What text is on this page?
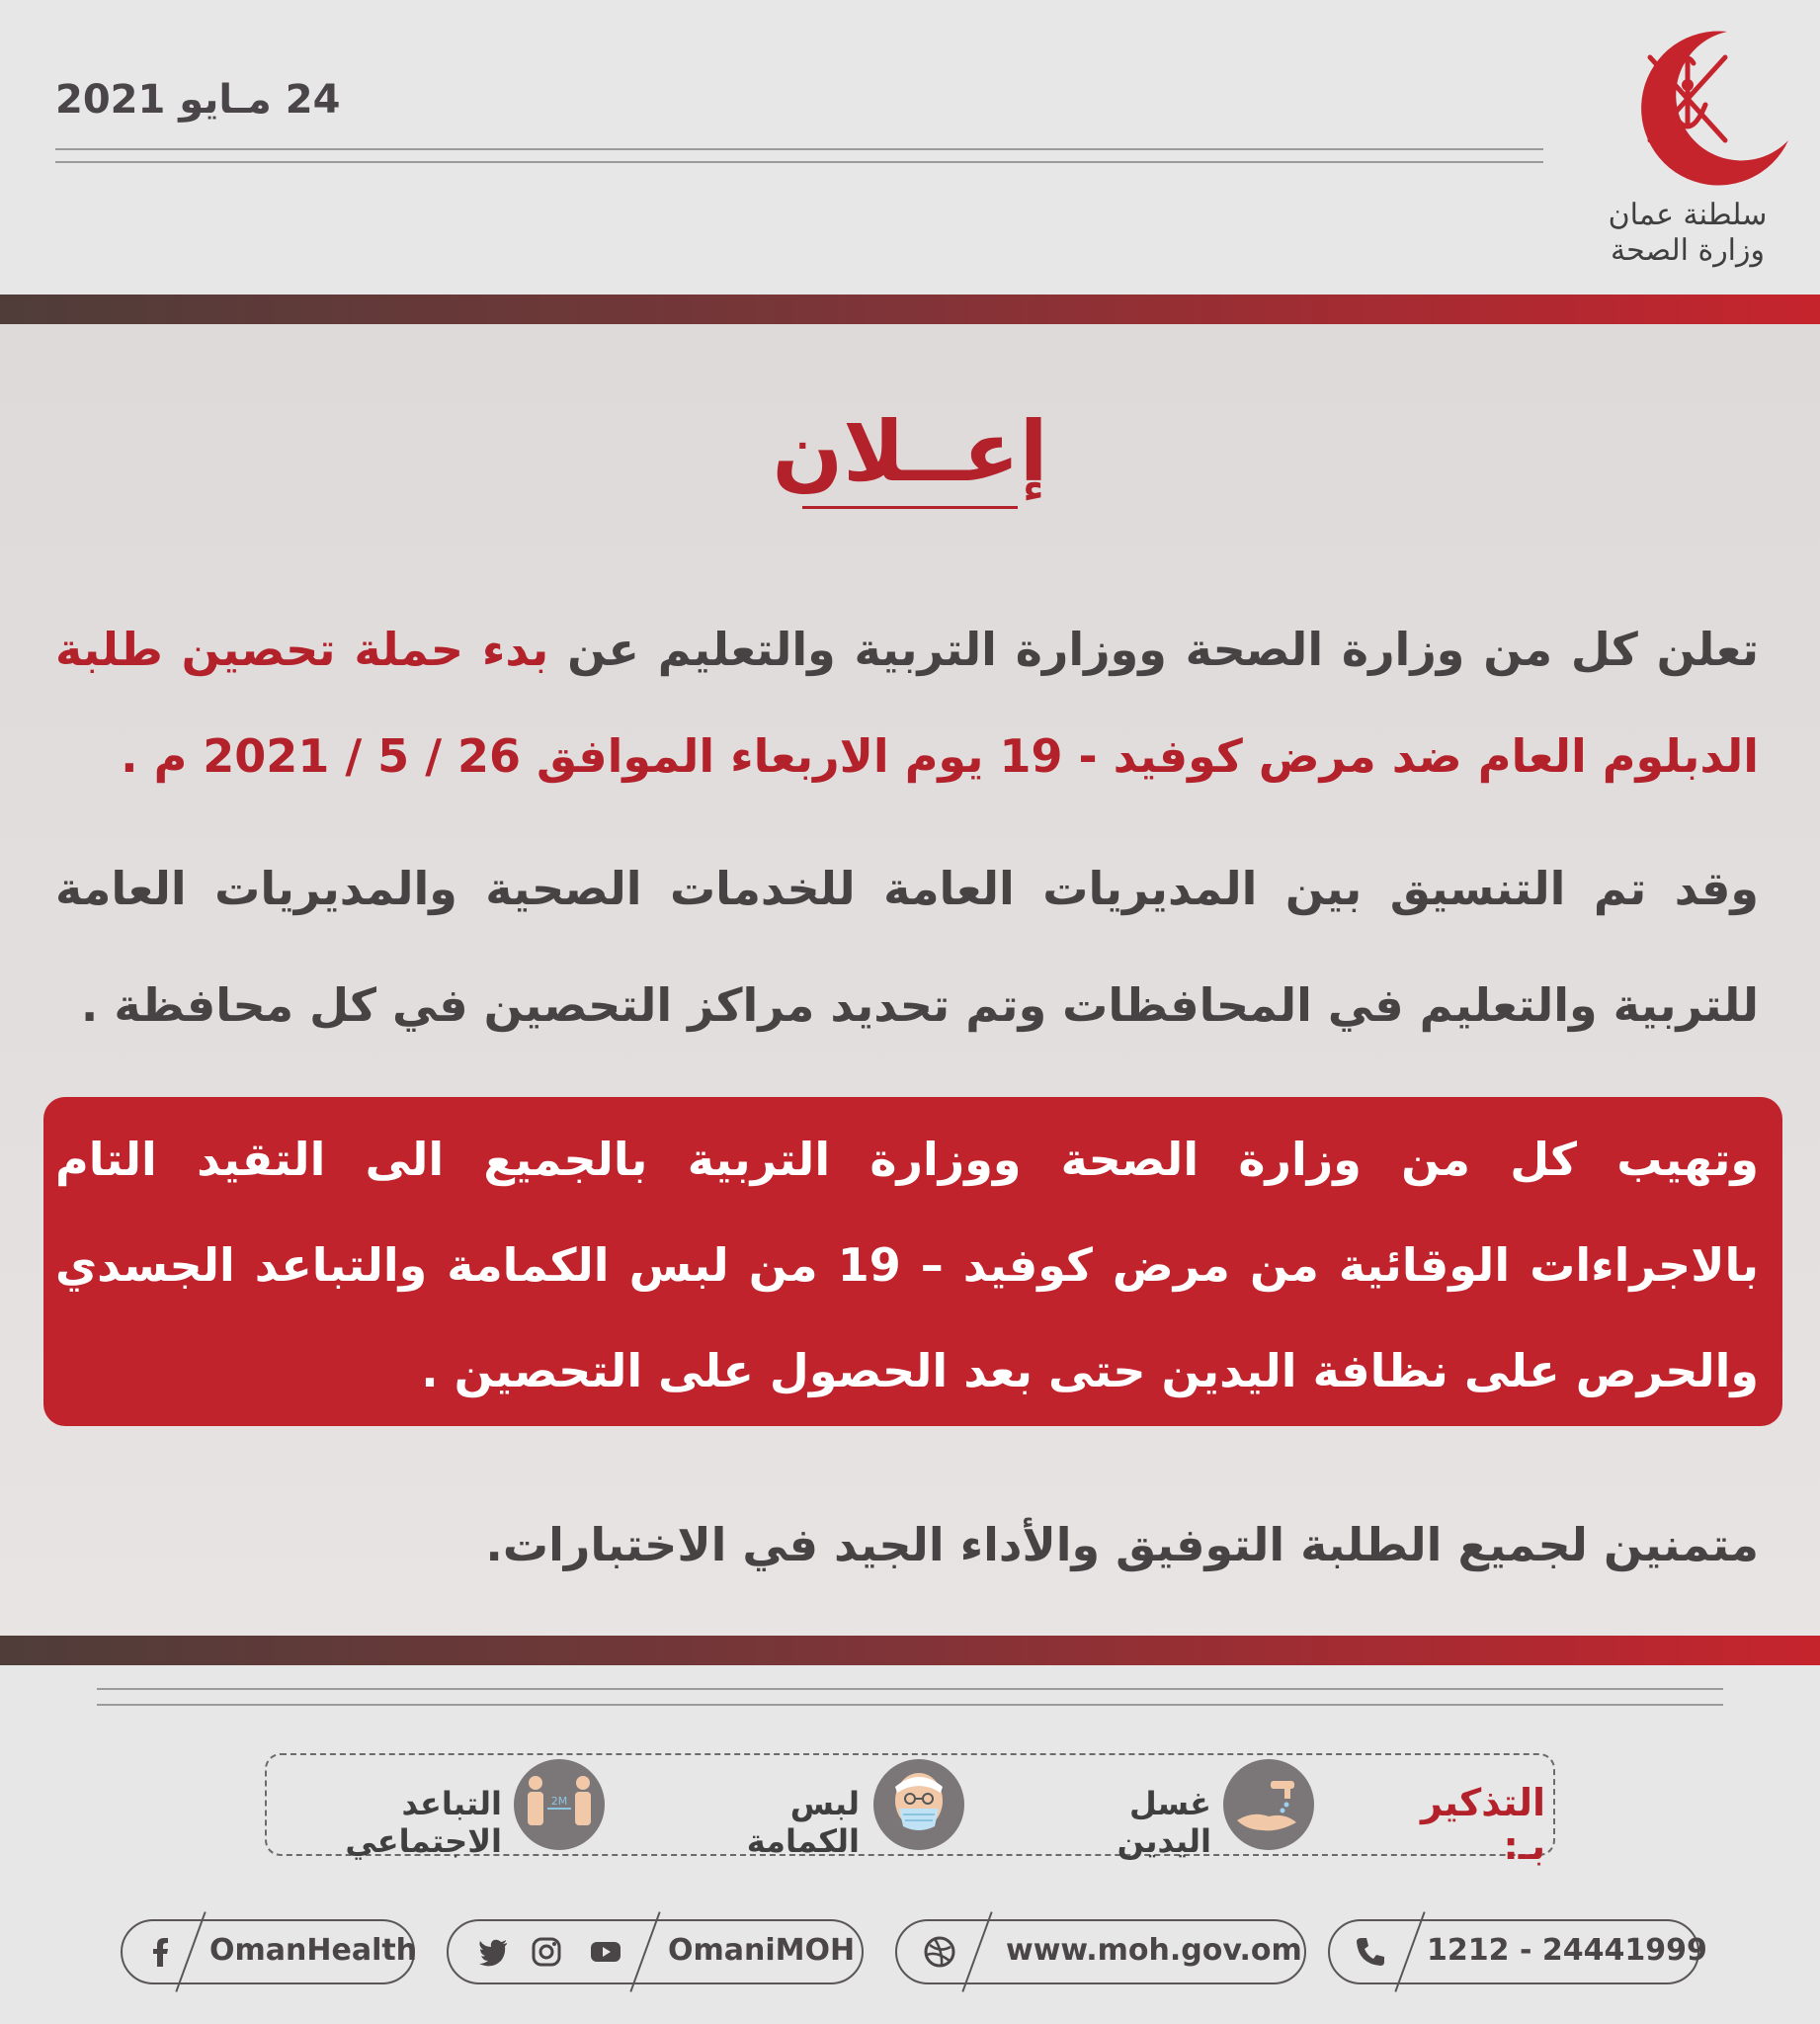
24 مـايو 2021
سلطنة عمان
وزارة الصحة
إعــلان
تعلن كل من وزارة الصحة ووزارة التربية والتعليم عن بدء حملة تحصين طلبة الدبلوم العام ضد مرض كوفيد - 19 يوم الاربعاء الموافق 26 / 5 / 2021 م .
وقد تم التنسيق بين المديريات العامة للخدمات الصحية والمديريات العامة للتربية والتعليم في المحافظات وتم تحديد مراكز التحصين في كل محافظة .
وتهيب كل من وزارة الصحة ووزارة التربية بالجميع الى التقيد التام بالاجراءات الوقائية من مرض كوفيد – 19 من لبس الكمامة والتباعد الجسدي والحرص على نظافة اليدين حتى بعد الحصول على التحصين .
متمنين لجميع الطلبة التوفيق والأداء الجيد في الاختبارات.
التذكير بـ:
غسل اليدين
لبس الكمامة
2M
التباعد الاجتماعي
1212 - 24441999
www.moh.gov.om
OmaniMOH
OmanHealth
